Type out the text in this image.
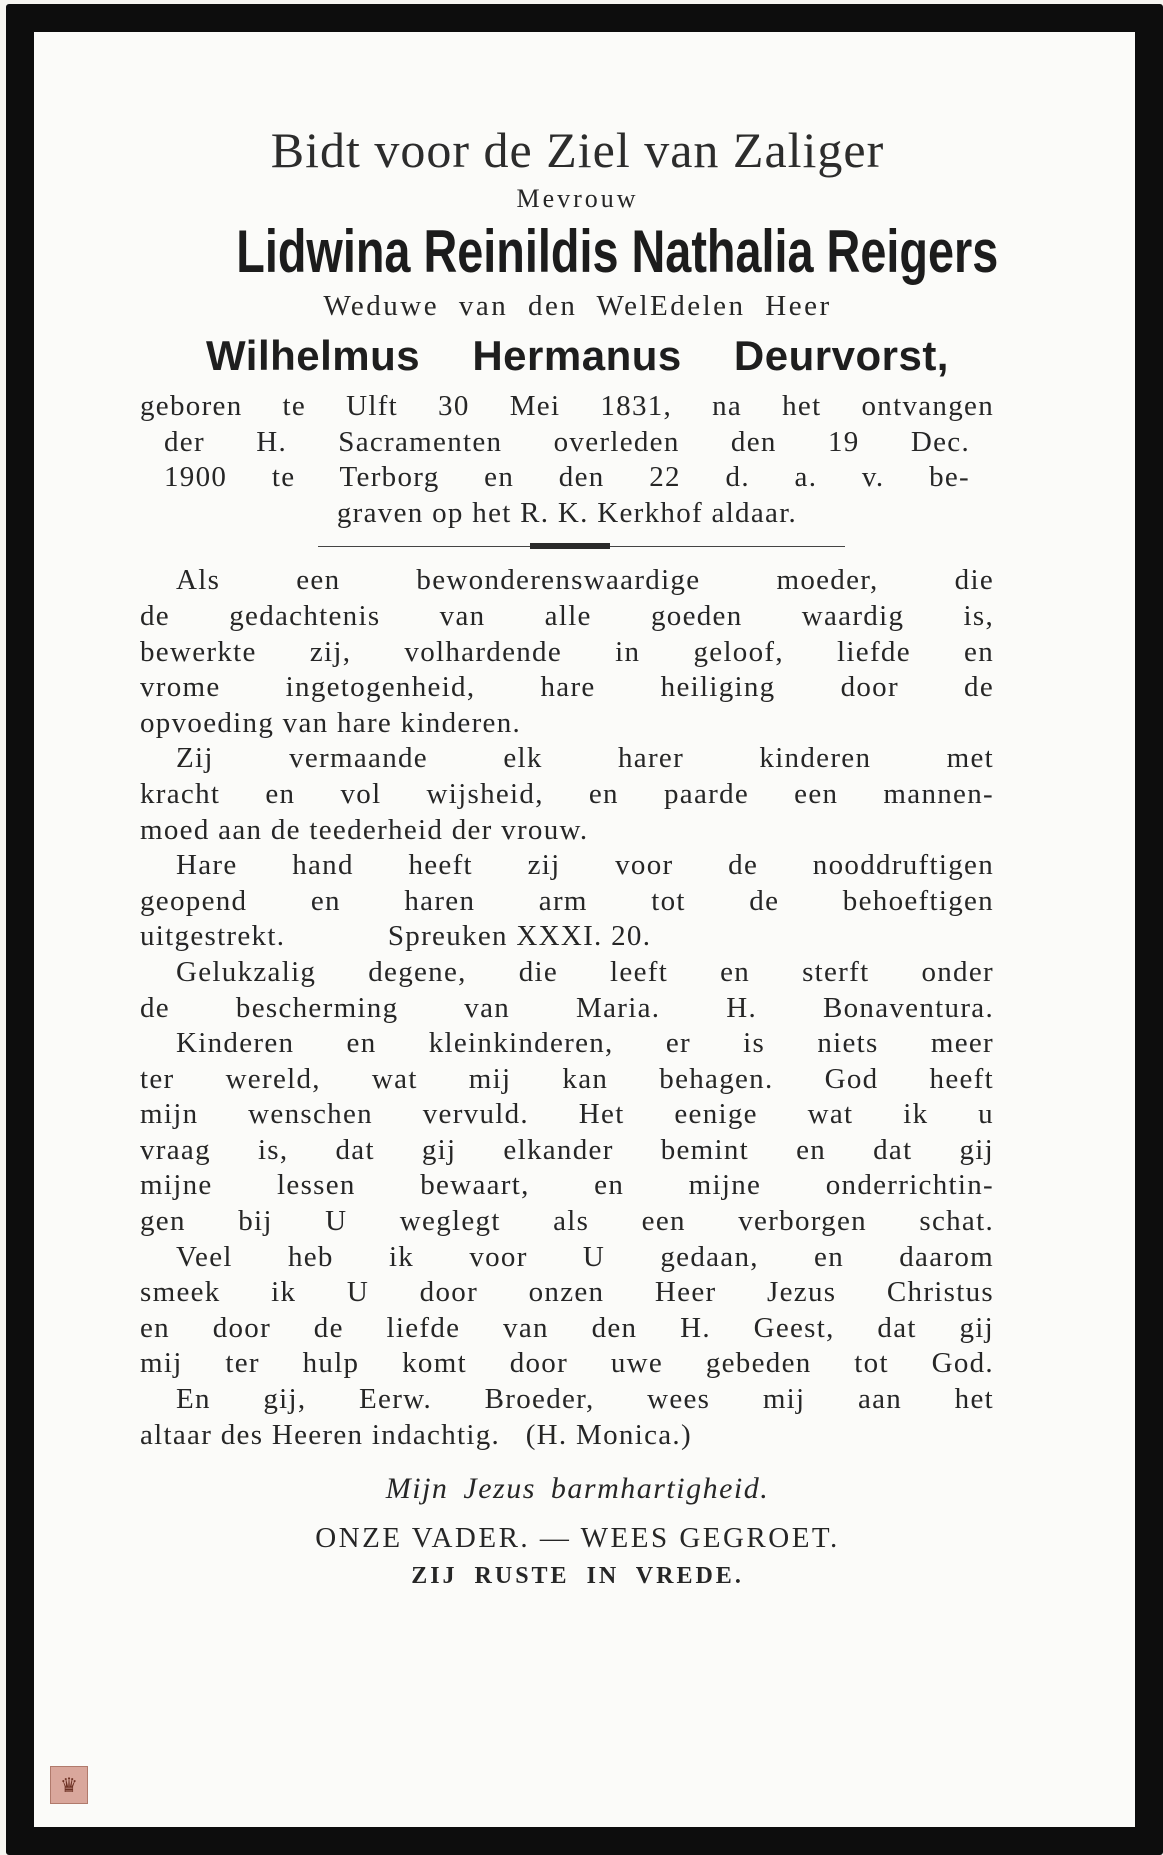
Bidt voor de Ziel van Zaliger
Mevrouw
Lidwina Reinildis Nathalia Reigers
Weduwe van den WelEdelen Heer
Wilhelmus Hermanus Deurvorst,
geboren te Ulft 30 Mei 1831, na het ontvangen
der H. Sacramenten overleden den 19 Dec.
1900 te Terborg en den 22 d. a. v. be-
graven op het R. K. Kerkhof aldaar.
Als een bewonderenswaardige moeder, die
de gedachtenis van alle goeden waardig is,
bewerkte zij, volhardende in geloof, liefde en
vrome ingetogenheid, hare heiliging door de
opvoeding van hare kinderen.
Zij vermaande elk harer kinderen met
kracht en vol wijsheid, en paarde een mannen-
moed aan de teederheid der vrouw.
Hare hand heeft zij voor de nooddruftigen
geopend en haren arm tot de behoeftigen
uitgestrekt.            Spreuken XXXI. 20.
Gelukzalig degene, die leeft en sterft onder
de bescherming van Maria. H. Bonaventura.
Kinderen en kleinkinderen, er is niets meer
ter wereld, wat mij kan behagen. God heeft
mijn wenschen vervuld. Het eenige wat ik u
vraag is, dat gij elkander bemint en dat gij
mijne lessen bewaart, en mijne onderrichtin-
gen bij U weglegt als een verborgen schat.
Veel heb ik voor U gedaan, en daarom
smeek ik U door onzen Heer Jezus Christus
en door de liefde van den H. Geest, dat gij
mij ter hulp komt door uwe gebeden tot God.
En gij, Eerw. Broeder, wees mij aan het
altaar des Heeren indachtig.   (H. Monica.)
Mijn Jezus barmhartigheid.
ONZE VADER. — WEES GEGROET.
ZIJ RUSTE IN VREDE.
♛
